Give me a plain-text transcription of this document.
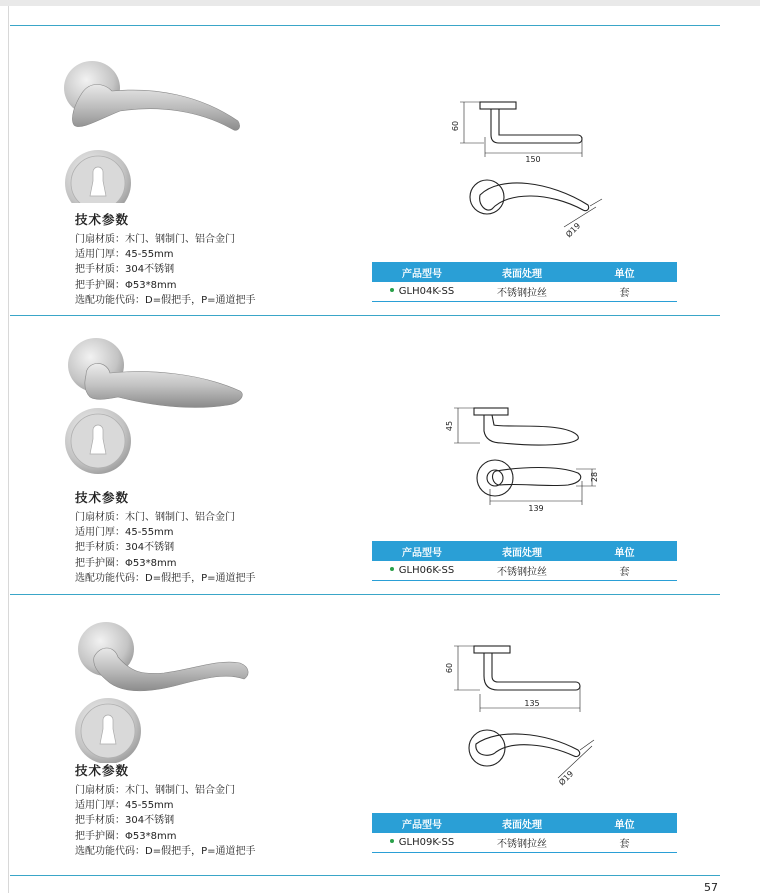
技术参数
门扇材质：木门、钢制门、铝合金门
适用门厚：45-55mm
把手材质：304不锈钢
把手护圈：Φ53*8mm
选配功能代码：D=假把手，P=通道把手
60
150
Ø19
产品型号	表面处理	单位
GLH04K-SS	不锈钢拉丝	套
技术参数
门扇材质：木门、钢制门、铝合金门
适用门厚：45-55mm
把手材质：304不锈钢
把手护圈：Φ53*8mm
选配功能代码：D=假把手，P=通道把手
45
139
28
产品型号	表面处理	单位
GLH06K-SS	不锈钢拉丝	套
技术参数
门扇材质：木门、钢制门、铝合金门
适用门厚：45-55mm
把手材质：304不锈钢
把手护圈：Φ53*8mm
选配功能代码：D=假把手，P=通道把手
60
135
Ø19
产品型号	表面处理	单位
GLH09K-SS	不锈钢拉丝	套
57
